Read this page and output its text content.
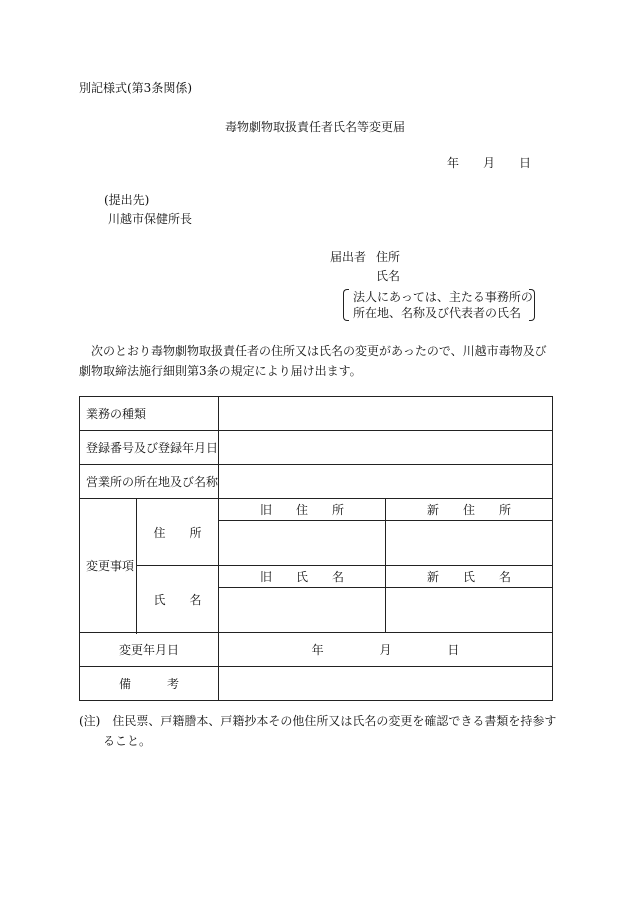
別記様式(第3条関係)
毒物劇物取扱責任者氏名等変更届
年 月 日
(提出先)
川越市保健所長
届出者 住所
氏名
法人にあっては、主たる事務所の
所在地、名称及び代表者の氏名
次のとおり毒物劇物取扱責任者の住所又は氏名の変更があったので、川越市毒物及び劇物取締法施行細則第3条の規定により届け出ます。
業務の種類			
登録番号及び登録年月日			
営業所の所在地及び名称			
変更事項	住　　所	旧　　住　　所	新　　住　　所

	氏　　名	旧　　氏　　名	新　　氏　　名

変更年月日		年 月 日	
備　　　考			
(注)　住民票、戸籍謄本、戸籍抄本その他住所又は氏名の変更を確認できる書類を持参す
ること。
